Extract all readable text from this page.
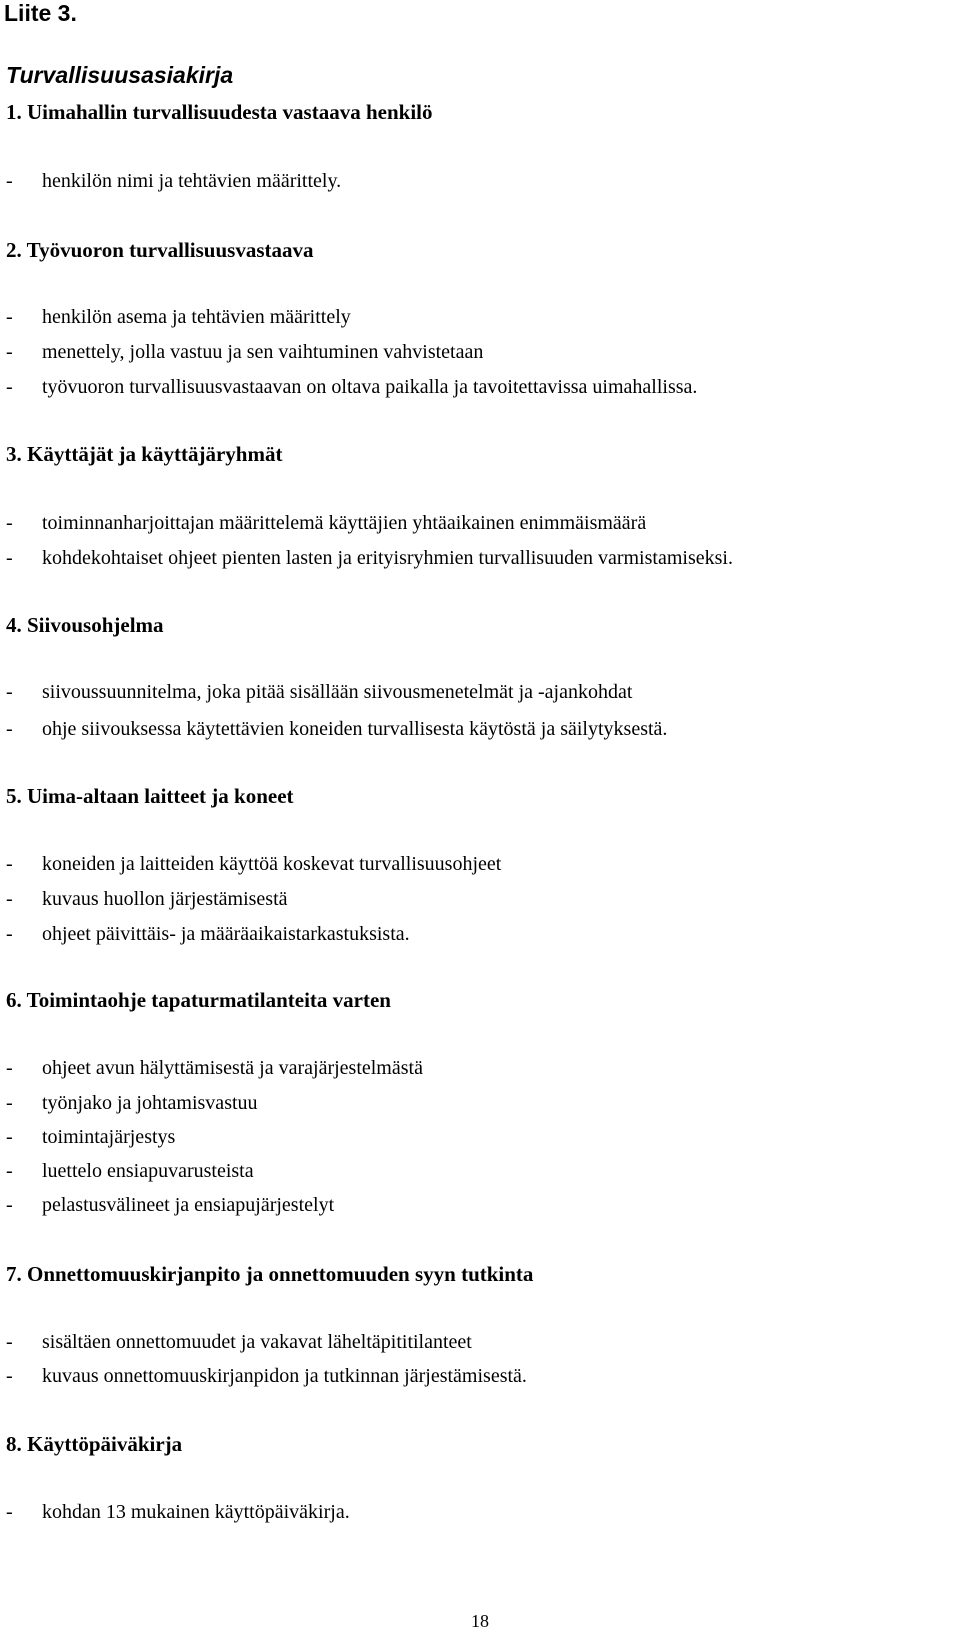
Liite 3.

Turvallisuusasiakirja

1. Uimahallin turvallisuudesta vastaava henkilö

- henkilön nimi ja tehtävien määrittely.

2. Työvuoron turvallisuusvastaava

- henkilön asema ja tehtävien määrittely

- menettely, jolla vastuu ja sen vaihtuminen vahvistetaan

- työvuoron turvallisuusvastaavan on oltava paikalla ja tavoitettavissa uimahallissa.

3. Käyttäjät ja käyttäjäryhmät

- toiminnanharjoittajan määrittelemä käyttäjien yhtäaikainen enimmäismäärä

- kohdekohtaiset ohjeet pienten lasten ja erityisryhmien turvallisuuden varmistamiseksi.

4. Siivousohjelma

- siivoussuunnitelma, joka pitää sisällään siivousmenetelmät ja -ajankohdat

- ohje siivouksessa käytettävien koneiden turvallisesta käytöstä ja säilytyksestä.

5. Uima-altaan laitteet ja koneet

- koneiden ja laitteiden käyttöä koskevat turvallisuusohjeet

- kuvaus huollon järjestämisestä

- ohjeet päivittäis- ja määräaikaistarkastuksista.

6. Toimintaohje tapaturmatilanteita varten

- ohjeet avun hälyttämisestä ja varajärjestelmästä

- työnjako ja johtamisvastuu

- toimintajärjestys

- luettelo ensiapuvarusteista

- pelastusvälineet ja ensiapujärjestelyt

7. Onnettomuuskirjanpito ja onnettomuuden syyn tutkinta

- sisältäen onnettomuudet ja vakavat läheltäpititilanteet

- kuvaus onnettomuuskirjanpidon ja tutkinnan järjestämisestä.

8. Käyttöpäiväkirja

- kohdan 13 mukainen käyttöpäiväkirja.

18
